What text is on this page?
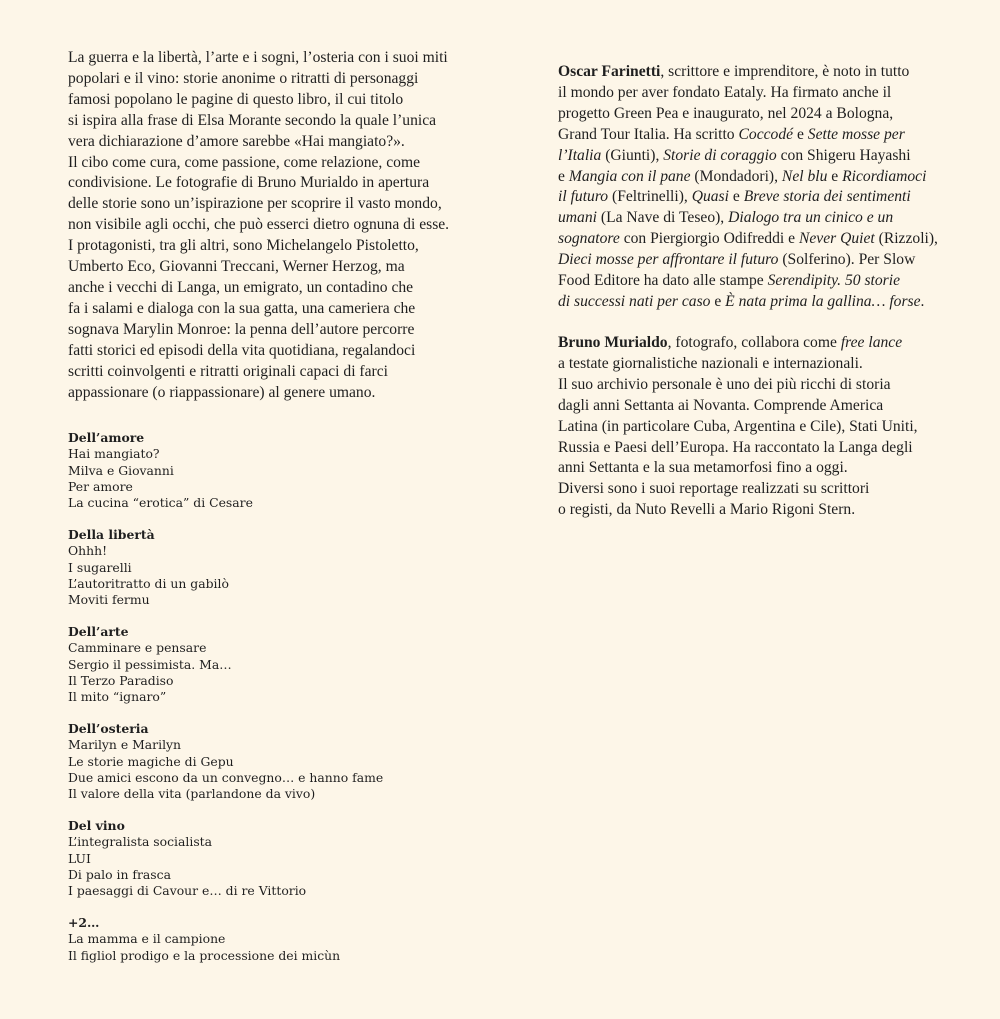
La guerra e la libertà, l’arte e i sogni, l’osteria con i suoi miti
popolari e il vino: storie anonime o ritratti di personaggi
famosi popolano le pagine di questo libro, il cui titolo
si ispira alla frase di Elsa Morante secondo la quale l’unica
vera dichiarazione d’amore sarebbe «Hai mangiato?».
Il cibo come cura, come passione, come relazione, come
condivisione. Le fotografie di Bruno Murialdo in apertura
delle storie sono un’ispirazione per scoprire il vasto mondo,
non visibile agli occhi, che può esserci dietro ognuna di esse.
I protagonisti, tra gli altri, sono Michelangelo Pistoletto,
Umberto Eco, Giovanni Treccani, Werner Herzog, ma
anche i vecchi di Langa, un emigrato, un contadino che
fa i salami e dialoga con la sua gatta, una cameriera che
sognava Marylin Monroe: la penna dell’autore percorre
fatti storici ed episodi della vita quotidiana, regalandoci
scritti coinvolgenti e ritratti originali capaci di farci
appassionare (o riappassionare) al genere umano.
Dell’amore
Hai mangiato?
Milva e Giovanni
Per amore
La cucina “erotica” di Cesare
Della libertà
Ohhh!
I sugarelli
L’autoritratto di un gabilò
Moviti fermu
Dell’arte
Camminare e pensare
Sergio il pessimista. Ma…
Il Terzo Paradiso
Il mito “ignaro”
Dell’osteria
Marilyn e Marilyn
Le storie magiche di Gepu
Due amici escono da un convegno… e hanno fame
Il valore della vita (parlandone da vivo)
Del vino
L’integralista socialista
LUI
Di palo in frasca
I paesaggi di Cavour e… di re Vittorio
+2…
La mamma e il campione
Il figliol prodigo e la processione dei micùn
Oscar Farinetti, scrittore e imprenditore, è noto in tutto
il mondo per aver fondato Eataly. Ha firmato anche il
progetto Green Pea e inaugurato, nel 2024 a Bologna,
Grand Tour Italia. Ha scritto Coccodé e Sette mosse per
l’Italia (Giunti), Storie di coraggio con Shigeru Hayashi
e Mangia con il pane (Mondadori), Nel blu e Ricordiamoci
il futuro (Feltrinelli), Quasi e Breve storia dei sentimenti
umani (La Nave di Teseo), Dialogo tra un cinico e un
sognatore con Piergiorgio Odifreddi e Never Quiet (Rizzoli),
Dieci mosse per affrontare il futuro (Solferino). Per Slow
Food Editore ha dato alle stampe Serendipity. 50 storie
di successi nati per caso e È nata prima la gallina… forse.
Bruno Murialdo, fotografo, collabora come free lance
a testate giornalistiche nazionali e internazionali.
Il suo archivio personale è uno dei più ricchi di storia
dagli anni Settanta ai Novanta. Comprende America
Latina (in particolare Cuba, Argentina e Cile), Stati Uniti,
Russia e Paesi dell’Europa. Ha raccontato la Langa degli
anni Settanta e la sua metamorfosi fino a oggi.
Diversi sono i suoi reportage realizzati su scrittori
o registi, da Nuto Revelli a Mario Rigoni Stern.
